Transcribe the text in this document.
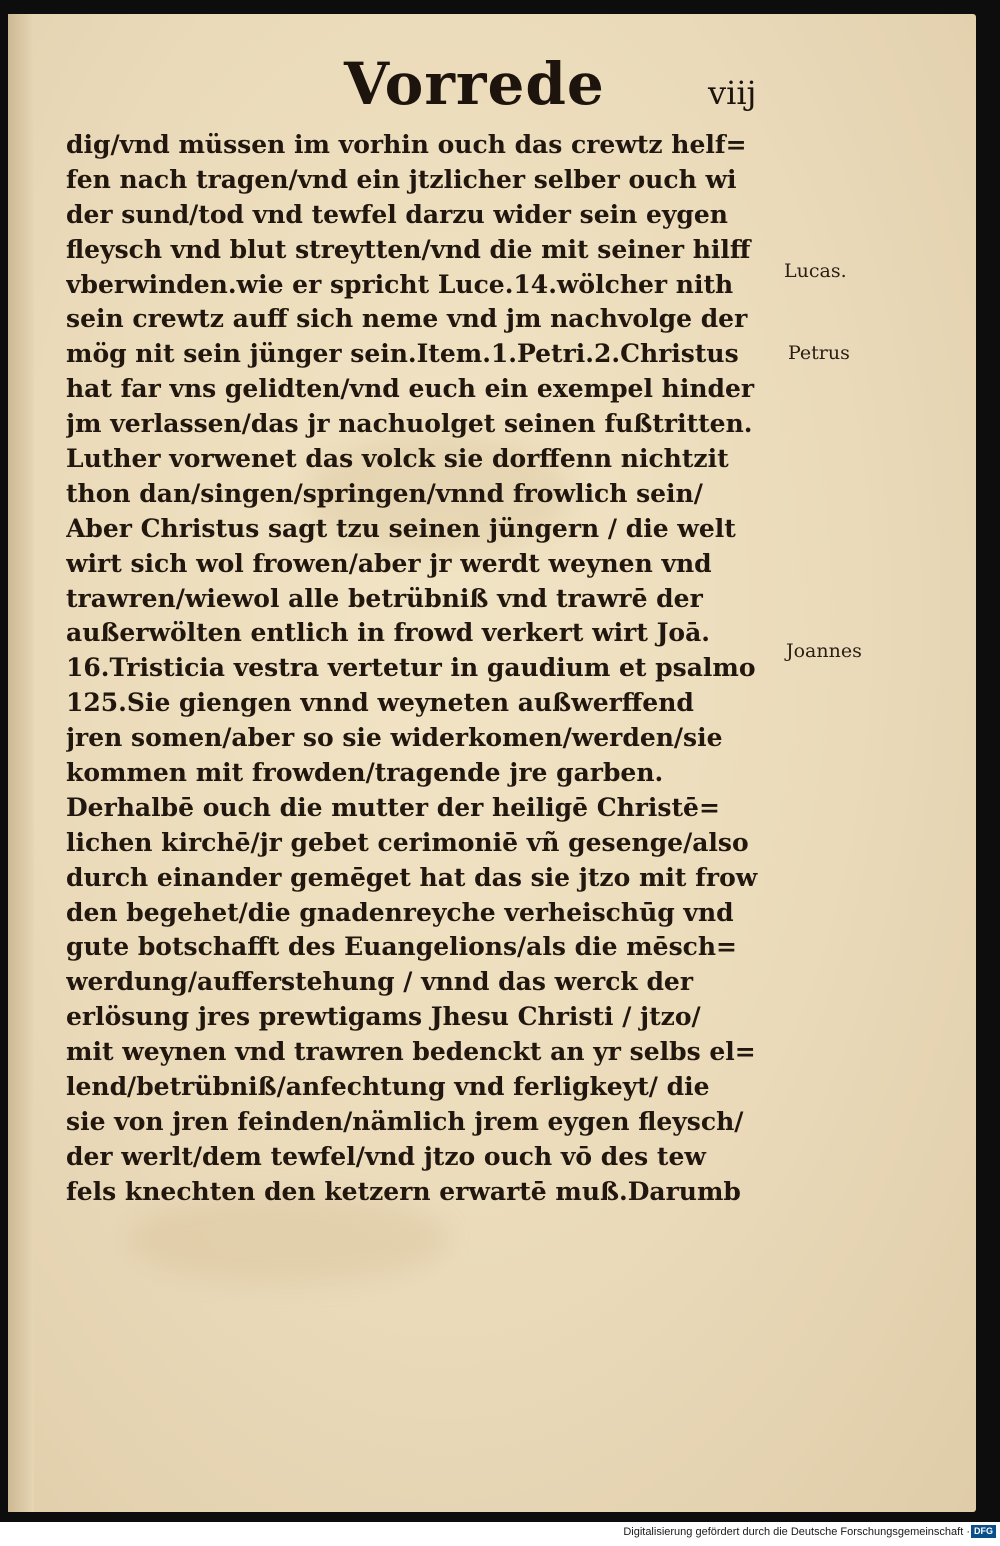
Vorrede	viij
dig/vnd müssen im vorhin ouch das crewtz helf=
fen nach tragen/vnd ein jtzlicher selber ouch wi
der sund/tod vnd tewfel darzu wider sein eygen
fleysch vnd blut streytten/vnd die mit seiner hilff
vberwinden.wie er spricht Luce.14.wölcher nith
sein crewtz auff sich neme vnd jm nachvolge der
mög nit sein jünger sein.Item.1.Petri.2.Christus
hat far vns gelidten/vnd euch ein exempel hinder
jm verlassen/das jr nachuolget seinen fußtritten.
Luther vorwenet das volck sie dorffenn nichtzit
thon dan/singen/springen/vnnd frowlich sein/
Aber Christus sagt tzu seinen jüngern / die welt
wirt sich wol frowen/aber jr werdt weynen vnd
trawren/wiewol alle betrübniß vnd trawrē der
außerwölten entlich in frowd verkert wirt Joā.
16.Tristicia vestra vertetur in gaudium et psalmo
125.Sie giengen vnnd weyneten außwerffend
jren somen/aber so sie widerkomen/werden/sie
kommen mit frowden/tragende jre garben.
Derhalbē ouch die mutter der heiligē Christē=
lichen kirchē/jr gebet cerimoniē vñ gesenge/also
durch einander gemēget hat das sie jtzo mit frow
den begehet/die gnadenreyche verheischūg vnd
gute botschafft des Euangelions/als die mēsch=
werdung/aufferstehung / vnnd das werck der
erlösung jres prewtigams Jhesu Christi / jtzo/
mit weynen vnd trawren bedenckt an yr selbs el=
lend/betrübniß/anfechtung vnd ferligkeyt/ die
sie von jren feinden/nämlich jrem eygen fleysch/
der werlt/dem tewfel/vnd jtzo ouch vō des tew
fels knechten den ketzern erwartē muß.Darumb
Lucas.
Petrus
Joannes
Digitalisierung gefördert durch die Deutsche Forschungsgemeinschaft · DFG
